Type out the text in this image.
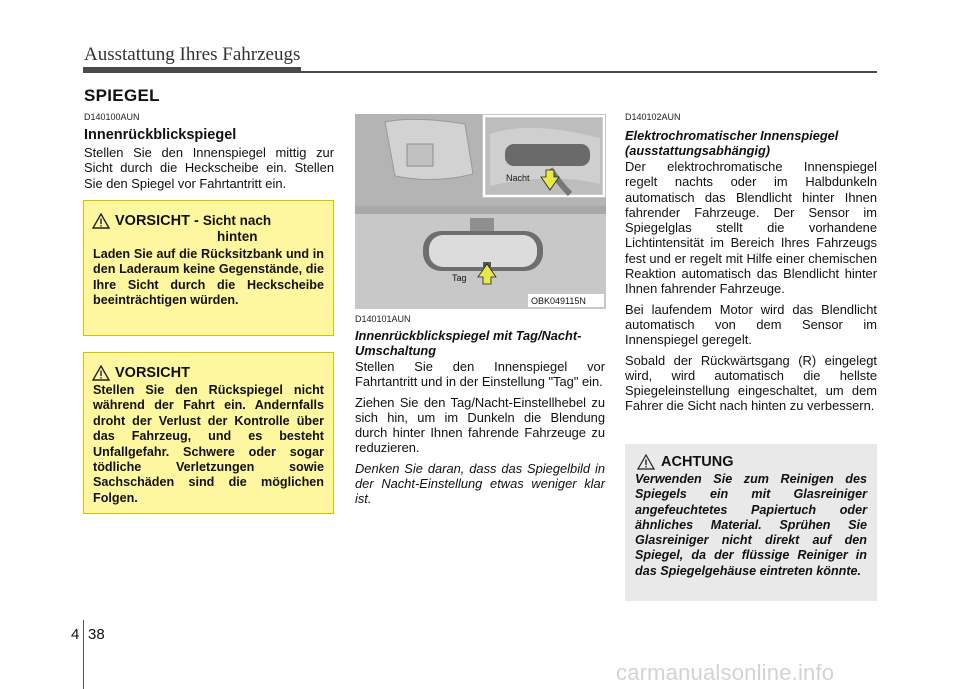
Ausstattung Ihres Fahrzeugs
SPIEGEL
D140100AUN
Innenrückblickspiegel

Stellen Sie den Innenspiegel mittig zur Sicht durch die Heckscheibe ein. Stellen Sie den Spiegel vor Fahrtantritt ein.

VORSICHT - Sicht nach
hinten

Laden Sie auf die Rücksitzbank und in den Laderaum keine Gegenstände, die Ihre Sicht durch die Heckscheibe beeinträchtigen würden.

VORSICHT

Stellen Sie den Rückspiegel nicht während der Fahrt ein. Andernfalls droht der Verlust der Kontrolle über das Fahrzeug, und es besteht Unfallgefahr. Schwere oder sogar tödliche Verletzungen sowie Sachschäden sind die möglichen Folgen.

Nacht
Tag
OBK049115N
D140101AUN
Innenrückblickspiegel mit Tag/Nacht-Umschaltung

Stellen Sie den Innenspiegel vor Fahrtantritt und in der Einstellung "Tag" ein.

Ziehen Sie den Tag/Nacht-Einstellhebel zu sich hin, um im Dunkeln die Blendung durch hinter Ihnen fahrende Fahrzeuge zu reduzieren.

Denken Sie daran, dass das Spiegelbild in der Nacht-Einstellung etwas weniger klar ist.

D140102AUN
Elektrochromatischer Innenspiegel (ausstattungsabhängig)

Der elektrochromatische Innenspiegel regelt nachts oder im Halbdunkeln automatisch das Blendlicht hinter Ihnen fahrender Fahrzeuge. Der Sensor im Spiegelglas stellt die vorhandene Lichtintensität im Bereich Ihres Fahrzeugs fest und er regelt mit Hilfe einer chemischen Reaktion automatisch das Blendlicht hinter Ihnen fahrender Fahrzeuge.

Bei laufendem Motor wird das Blendlicht automatisch von dem Sensor im Innenspiegel geregelt.

Sobald der Rückwärtsgang (R) eingelegt wird, wird automatisch die hellste Spiegeleinstellung eingeschaltet, um dem Fahrer die Sicht nach hinten zu verbessern.

ACHTUNG

Verwenden Sie zum Reinigen des Spiegels ein mit Glasreiniger angefeuchtetes Papiertuch oder ähnliches Material. Sprühen Sie Glasreiniger nicht direkt auf den Spiegel, da der flüssige Reiniger in das Spiegelgehäuse eintreten könnte.

4 38
carmanualsonline.info
